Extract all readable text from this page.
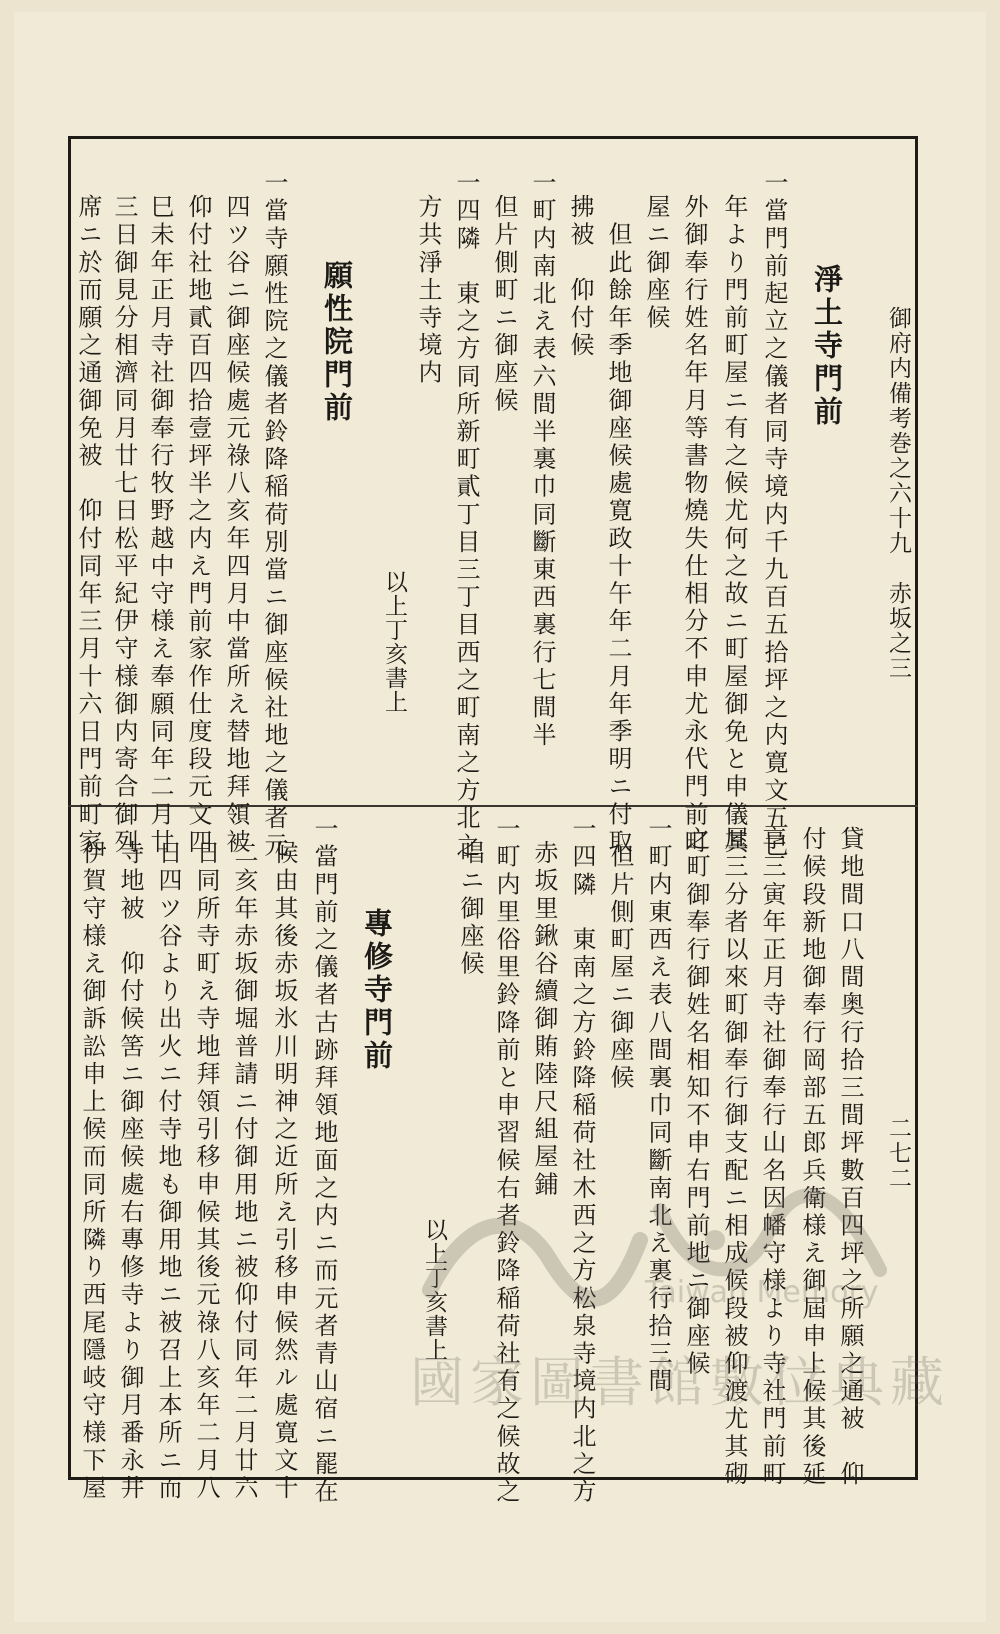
御府内備考巻之六十九　赤坂之三
二七二
淨土寺門前
一當門前起立之儀者同寺境内千九百五拾坪之内寛文五巳
年より門前町屋ニ有之候尤何之故ニ町屋御免と申儀其
外御奉行姓名年月等書物燒失仕相分不申尤永代門前町
屋ニ御座候
　但此餘年季地御座候處寛政十午年二月年季明ニ付取
拂被　仰付候
一町内南北え表六間半裏巾同斷東西裏行七間半
但片側町ニ御座候
一四隣　東之方同所新町貳丁目三丁目西之町南之方北之
方共淨土寺境内
以上丁亥書上
願性院門前
一當寺願性院之儀者鈴降稲荷別當ニ御座候社地之儀者元
四ツ谷ニ御座候處元祿八亥年四月中當所え替地拜領被
仰付社地貳百四拾壹坪半之内え門前家作仕度段元文四
巳未年正月寺社御奉行牧野越中守様え奉願同年二月廿
三日御見分相濟同月廿七日松平紀伊守様御内寄合御列
席ニ於而願之通御免被　仰付同年三月十六日門前町家
貸地間口八間奥行拾三間坪數百四坪之所願之通被　仰
付候段新地御奉行岡部五郎兵衛様え御屆申上候其後延
享三寅年正月寺社御奉行山名因幡守様より寺社門前町
屋三分者以來町御奉行御支配ニ相成候段被仰渡尤其砌
之町御奉行御姓名相知不申右門前地ニ御座候
一町内東西え表八間裏巾同斷南北え裏行拾三間
　但片側町屋ニ御座候
一四隣　東南之方鈴降稲荷社木西之方松泉寺境内北之方
赤坂里鍬谷續御賄陸尺組屋鋪
一町内里俗里鈴降前と申習候右者鈴降稲荷社有之候故之
唱ニ御座候
以上丁亥書上
專修寺門前
一當門前之儀者古跡拜領地面之内ニ而元者青山宿ニ罷在
候由其後赤坂氷川明神之近所え引移申候然ル處寛文十
二亥年赤坂御堀普請ニ付御用地ニ被仰付同年二月廿六
日同所寺町え寺地拜領引移申候其後元祿八亥年二月八
日四ツ谷より出火ニ付寺地も御用地ニ被召上本所ニ而
寺地被　仰付候筈ニ御座候處右專修寺より御月番永井
伊賀守様え御訴訟申上候而同所隣り西尾隱岐守様下屋	Taiwan Memory
國家圖書館數位典藏
